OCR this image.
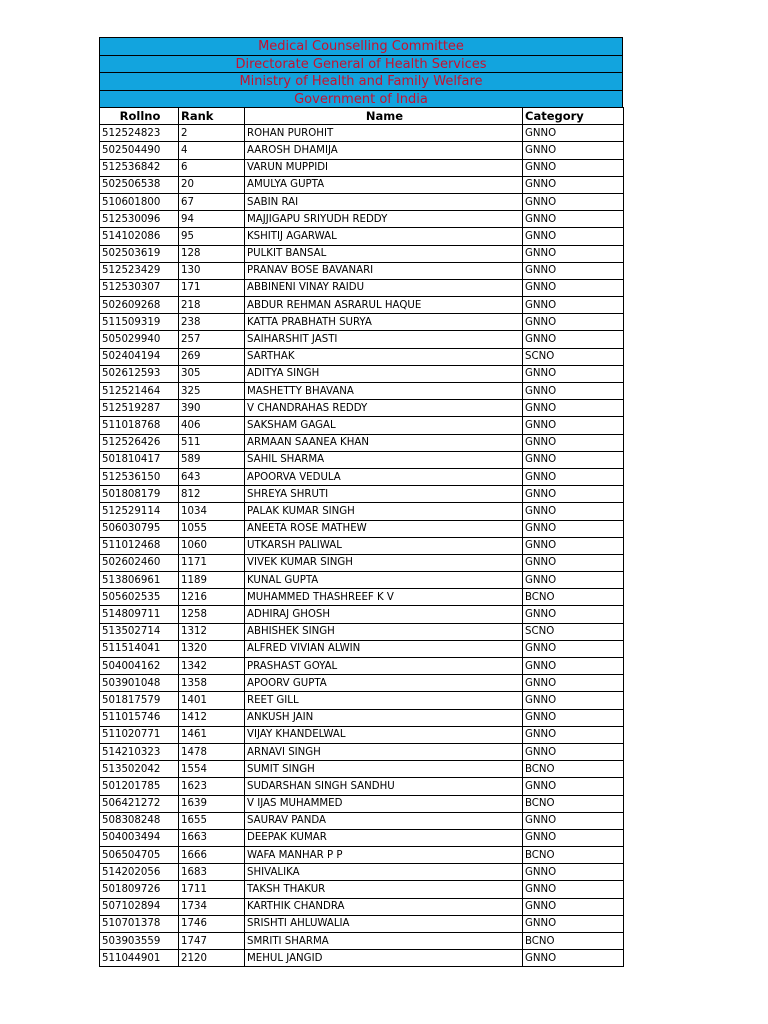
Medical Counselling Committee
Directorate General of Health Services
Ministry of Health and Family Welfare
Government of India
Rollno	Rank	Name	Category
512524823	2	ROHAN PUROHIT	GNNO
502504490	4	AAROSH DHAMIJA	GNNO
512536842	6	VARUN MUPPIDI	GNNO
502506538	20	AMULYA GUPTA	GNNO
510601800	67	SABIN RAI	GNNO
512530096	94	MAJJIGAPU SRIYUDH REDDY	GNNO
514102086	95	KSHITIJ AGARWAL	GNNO
502503619	128	PULKIT BANSAL	GNNO
512523429	130	PRANAV BOSE BAVANARI	GNNO
512530307	171	ABBINENI VINAY RAIDU	GNNO
502609268	218	ABDUR REHMAN ASRARUL HAQUE	GNNO
511509319	238	KATTA PRABHATH SURYA	GNNO
505029940	257	SAIHARSHIT JASTI	GNNO
502404194	269	SARTHAK	SCNO
502612593	305	ADITYA SINGH	GNNO
512521464	325	MASHETTY BHAVANA	GNNO
512519287	390	V CHANDRAHAS REDDY	GNNO
511018768	406	SAKSHAM GAGAL	GNNO
512526426	511	ARMAAN SAANEA KHAN	GNNO
501810417	589	SAHIL SHARMA	GNNO
512536150	643	APOORVA VEDULA	GNNO
501808179	812	SHREYA SHRUTI	GNNO
512529114	1034	PALAK KUMAR SINGH	GNNO
506030795	1055	ANEETA ROSE MATHEW	GNNO
511012468	1060	UTKARSH PALIWAL	GNNO
502602460	1171	VIVEK KUMAR SINGH	GNNO
513806961	1189	KUNAL GUPTA	GNNO
505602535	1216	MUHAMMED THASHREEF K V	BCNO
514809711	1258	ADHIRAJ GHOSH	GNNO
513502714	1312	ABHISHEK SINGH	SCNO
511514041	1320	ALFRED VIVIAN ALWIN	GNNO
504004162	1342	PRASHAST GOYAL	GNNO
503901048	1358	APOORV GUPTA	GNNO
501817579	1401	REET GILL	GNNO
511015746	1412	ANKUSH JAIN	GNNO
511020771	1461	VIJAY KHANDELWAL	GNNO
514210323	1478	ARNAVI SINGH	GNNO
513502042	1554	SUMIT SINGH	BCNO
501201785	1623	SUDARSHAN SINGH SANDHU	GNNO
506421272	1639	V IJAS MUHAMMED	BCNO
508308248	1655	SAURAV PANDA	GNNO
504003494	1663	DEEPAK KUMAR	GNNO
506504705	1666	WAFA MANHAR P P	BCNO
514202056	1683	SHIVALIKA	GNNO
501809726	1711	TAKSH THAKUR	GNNO
507102894	1734	KARTHIK CHANDRA	GNNO
510701378	1746	SRISHTI AHLUWALIA	GNNO
503903559	1747	SMRITI SHARMA	BCNO
511044901	2120	MEHUL JANGID	GNNO
